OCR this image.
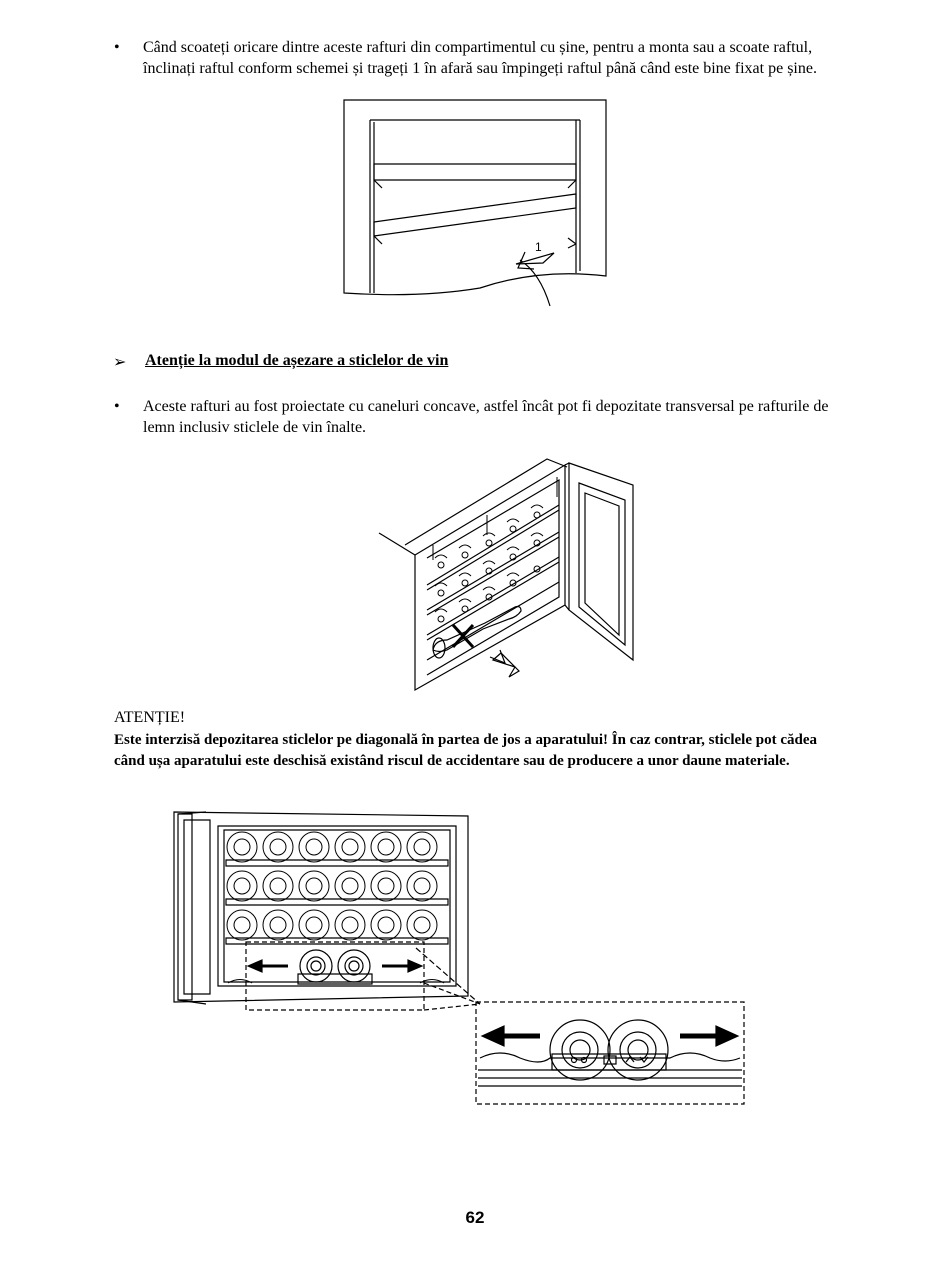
• Când scoateți oricare dintre aceste rafturi din compartimentul cu șine, pentru a monta sau a scoate raftul, înclinați raftul conform schemei și trageți 1 în afară sau împingeți raftul până când este bine fixat pe șine.
1
➢ Atenție la modul de așezare a sticlelor de vin
• Aceste rafturi au fost proiectate cu caneluri concave, astfel încât pot fi depozitate transversal pe rafturile de lemn inclusiv sticlele de vin înalte.
ATENȚIE!
Este interzisă depozitarea sticlelor pe diagonală în partea de jos a aparatului! În caz contrar, sticlele pot cădea când ușa aparatului este deschisă existând riscul de accidentare sau de producere a unor daune materiale.
62
